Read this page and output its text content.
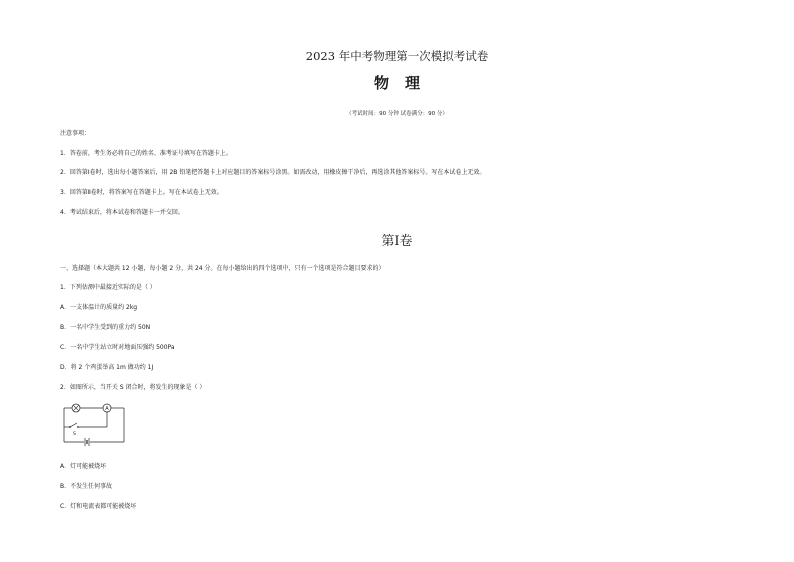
2023 年中考物理第一次模拟考试卷
物理
（考试时间：90 分钟 试卷满分：90 分）
注意事项：
1．答卷前，考生务必将自己的姓名、准考证号填写在答题卡上。
2．回答第Ⅰ卷时，选出每小题答案后，用 2B 铅笔把答题卡上对应题目的答案标号涂黑。如需改动，用橡皮擦干净后，再选涂其他答案标号。写在本试卷上无效。
3．回答第Ⅱ卷时，将答案写在答题卡上。写在本试卷上无效。
4．考试结束后，将本试卷和答题卡一并交回。
第Ⅰ卷
一、选择题（本大题共 12 小题，每小题 2 分，共 24 分。在每小题给出的四个选项中，只有一个选项是符合题目要求的）
1．下列估测中最接近实际的是（ ）
A．一支体温计的质量约 2kg
B．一名中学生受到的重力约 50N
C．一名中学生站立时对地面压强约 500Pa
D．将 2 个鸡蛋举高 1m 做功约 1J
2．如图所示，当开关 S 闭合时，将发生的现象是（ ）
A
S
A．灯可能被烧坏
B．不发生任何事故
C．灯和电流表都可能被烧坏
